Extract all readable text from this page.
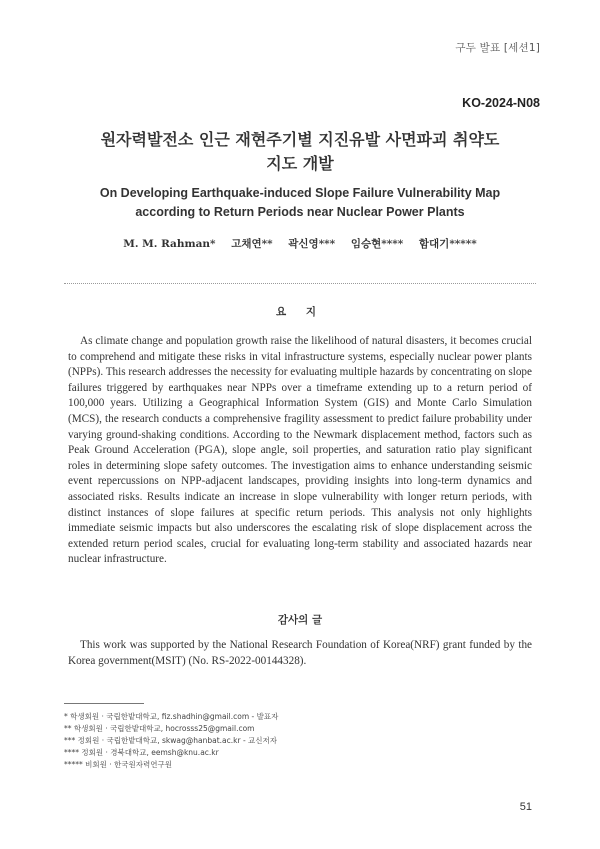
구두 발표 [세션1]
KO-2024-N08
원자력발전소 인근 재현주기별 지진유발 사면파괴 취약도
지도 개발
On Developing Earthquake-induced Slope Failure Vulnerability Map
according to Return Periods near Nuclear Power Plants
M. M. Rahman* 고채연** 곽신영*** 임승현**** 함대기*****
요 지

As climate change and population growth raise the likelihood of natural disasters, it becomes crucial to comprehend and mitigate these risks in vital infrastructure systems, especially nuclear power plants (NPPs). This research addresses the necessity for evaluating multiple hazards by concentrating on slope failures triggered by earthquakes near NPPs over a timeframe extending up to a return period of 100,000 years. Utilizing a Geographical Information System (GIS) and Monte Carlo Simulation (MCS), the research conducts a comprehensive fragility assessment to predict failure probability under varying ground-shaking conditions. According to the Newmark displacement method, factors such as Peak Ground Acceleration (PGA), slope angle, soil properties, and saturation ratio play significant roles in determining slope safety outcomes. The investigation aims to enhance understanding seismic event repercussions on NPP-adjacent landscapes, providing insights into long-term dynamics and associated risks. Results indicate an increase in slope vulnerability with longer return periods, with distinct instances of slope failures at specific return periods. This analysis not only highlights immediate seismic impacts but also underscores the escalating risk of slope displacement across the extended return period scales, crucial for evaluating long-term stability and associated hazards near nuclear infrastructure.

감사의 글

This work was supported by the National Research Foundation of Korea(NRF) grant funded by the Korea government(MSIT) (No. RS-2022-00144328).

* 학생회원 · 국립한밭대학교, fiz.shadhin@gmail.com - 발표자
** 학생회원 · 국립한밭대학교, hocrosss25@gmail.com
*** 정회원 · 국립한밭대학교, skwag@hanbat.ac.kr - 교신저자
**** 정회원 · 경북대학교, eemsh@knu.ac.kr
***** 비회원 · 한국원자력연구원
51
